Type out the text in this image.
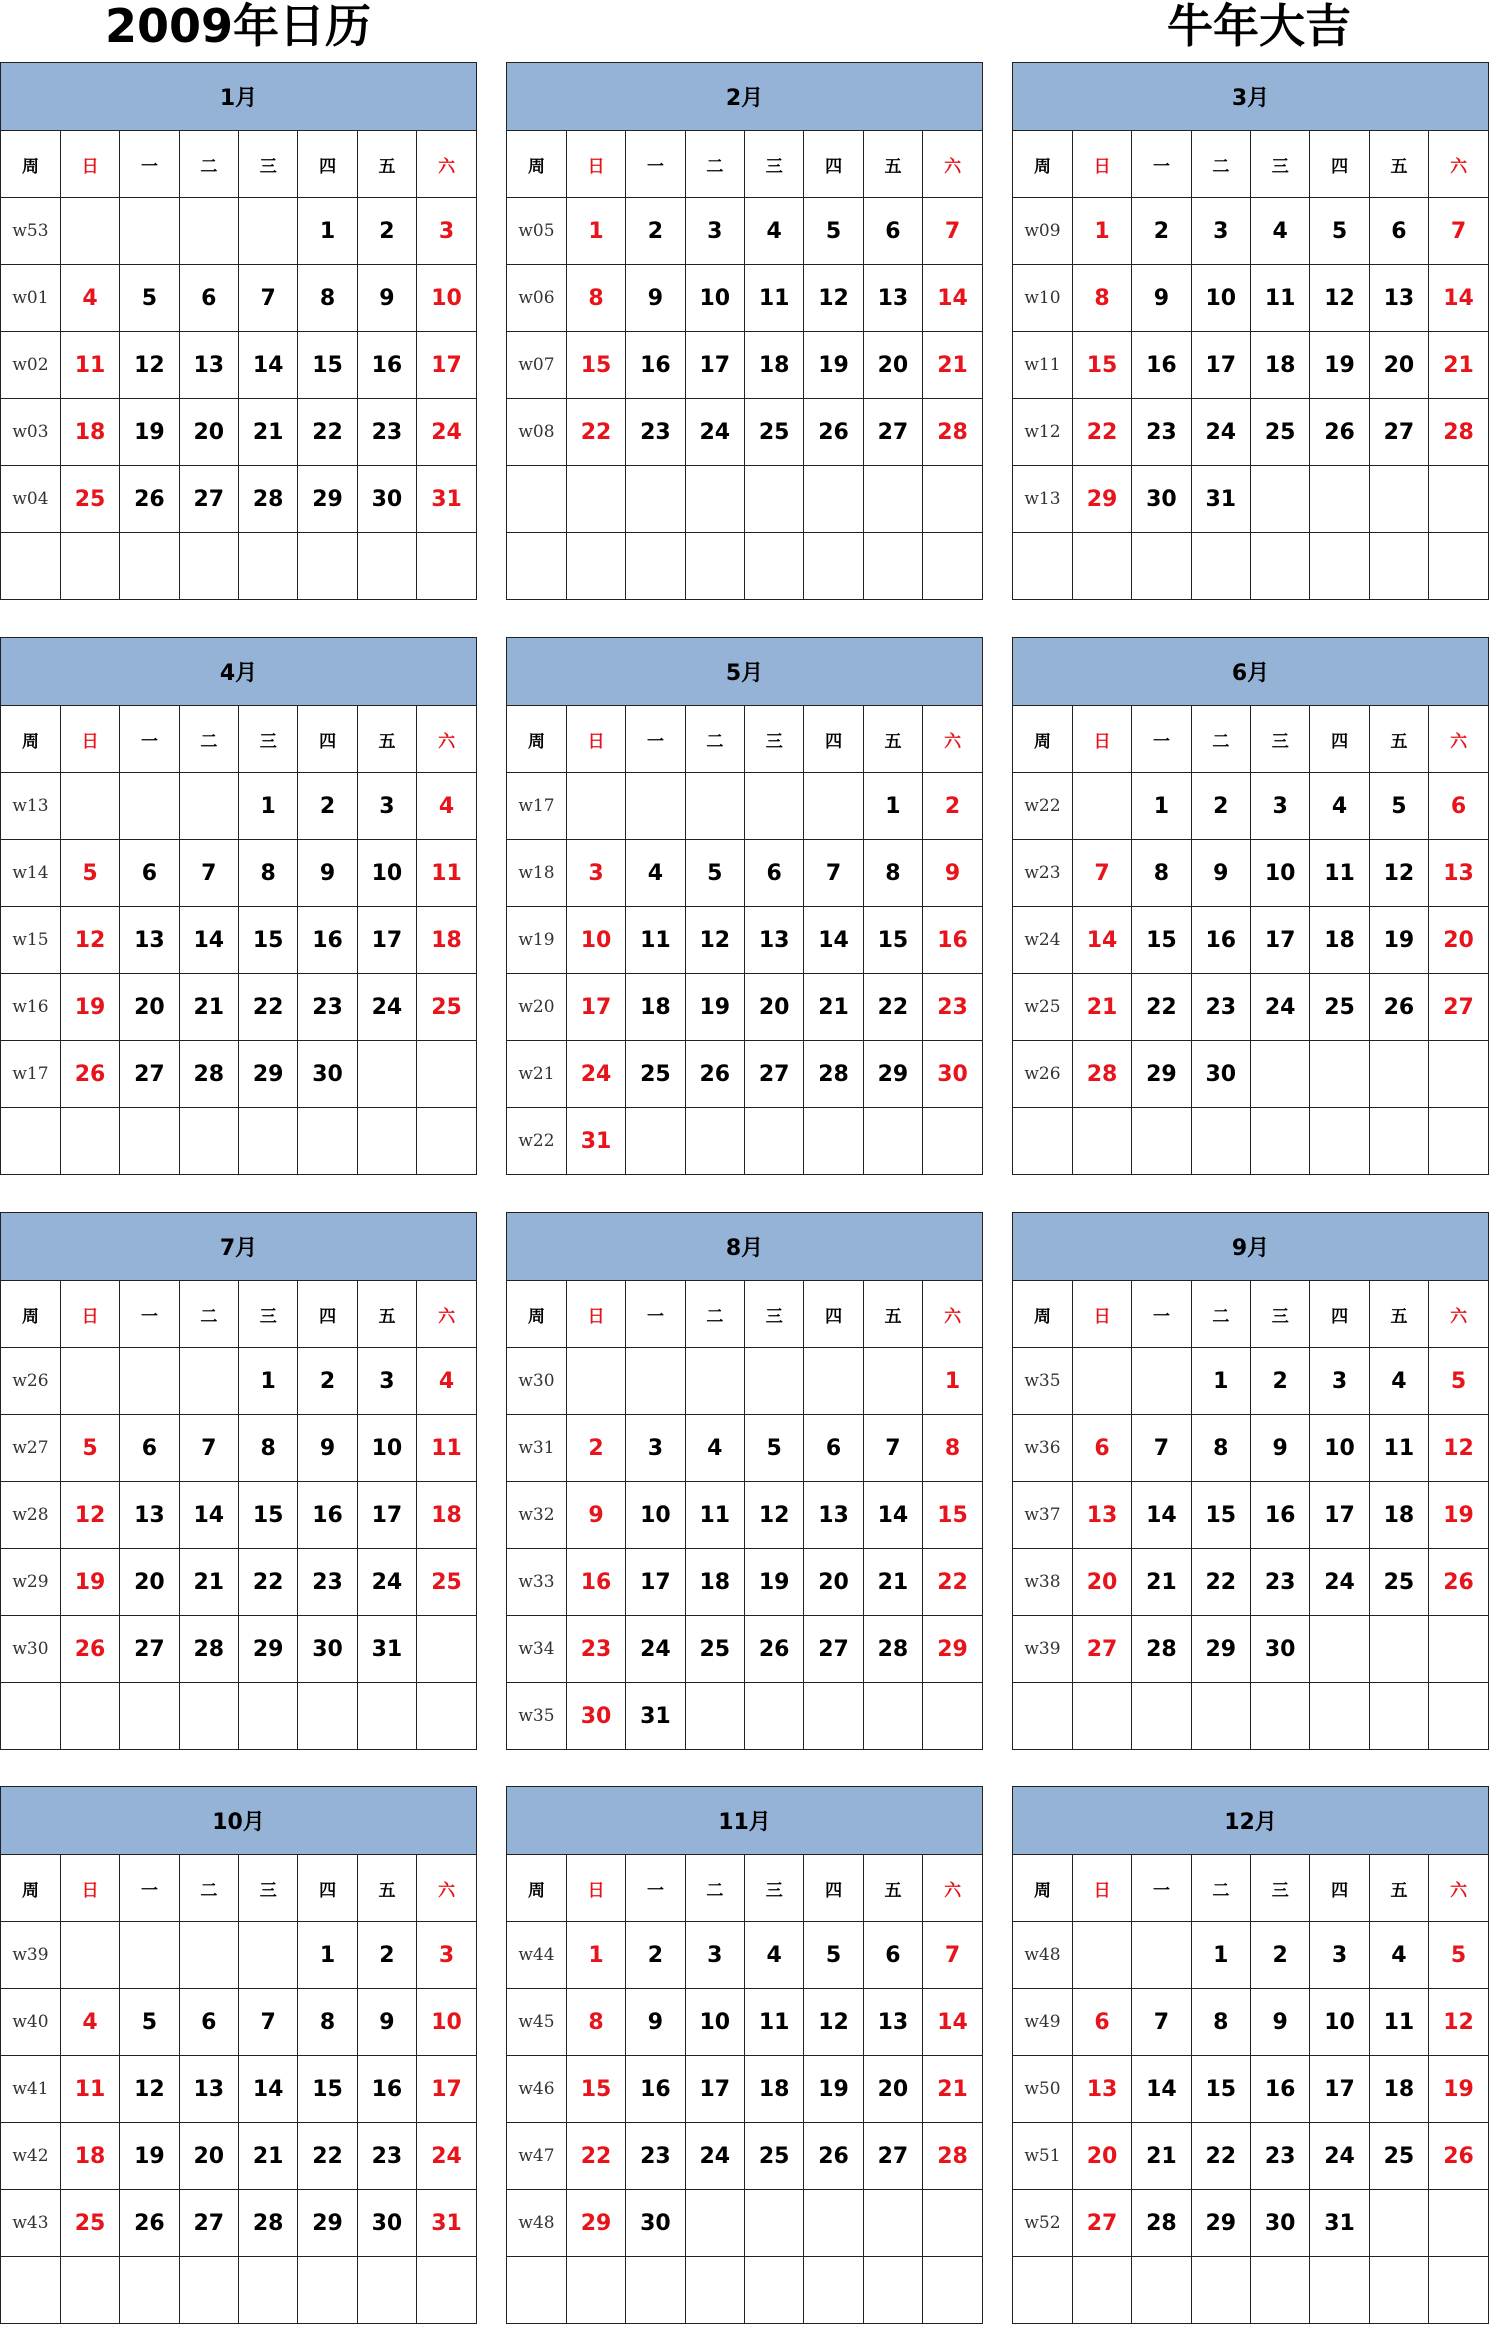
2009年日历	牛年大吉
1月
周	日	一	二	三	四	五	六
w53					1	2	3
w01	4	5	6	7	8	9	10
w02	11	12	13	14	15	16	17
w03	18	19	20	21	22	23	24
w04	25	26	27	28	29	30	31

2月
周	日	一	二	三	四	五	六
w05	1	2	3	4	5	6	7
w06	8	9	10	11	12	13	14
w07	15	16	17	18	19	20	21
w08	22	23	24	25	26	27	28

3月
周	日	一	二	三	四	五	六
w09	1	2	3	4	5	6	7
w10	8	9	10	11	12	13	14
w11	15	16	17	18	19	20	21
w12	22	23	24	25	26	27	28
w13	29	30	31				

4月
周	日	一	二	三	四	五	六
w13				1	2	3	4
w14	5	6	7	8	9	10	11
w15	12	13	14	15	16	17	18
w16	19	20	21	22	23	24	25
w17	26	27	28	29	30		

5月
周	日	一	二	三	四	五	六
w17						1	2
w18	3	4	5	6	7	8	9
w19	10	11	12	13	14	15	16
w20	17	18	19	20	21	22	23
w21	24	25	26	27	28	29	30
w22	31						
6月
周	日	一	二	三	四	五	六
w22		1	2	3	4	5	6
w23	7	8	9	10	11	12	13
w24	14	15	16	17	18	19	20
w25	21	22	23	24	25	26	27
w26	28	29	30				

7月
周	日	一	二	三	四	五	六
w26				1	2	3	4
w27	5	6	7	8	9	10	11
w28	12	13	14	15	16	17	18
w29	19	20	21	22	23	24	25
w30	26	27	28	29	30	31	

8月
周	日	一	二	三	四	五	六
w30							1
w31	2	3	4	5	6	7	8
w32	9	10	11	12	13	14	15
w33	16	17	18	19	20	21	22
w34	23	24	25	26	27	28	29
w35	30	31					
9月
周	日	一	二	三	四	五	六
w35			1	2	3	4	5
w36	6	7	8	9	10	11	12
w37	13	14	15	16	17	18	19
w38	20	21	22	23	24	25	26
w39	27	28	29	30			

10月
周	日	一	二	三	四	五	六
w39					1	2	3
w40	4	5	6	7	8	9	10
w41	11	12	13	14	15	16	17
w42	18	19	20	21	22	23	24
w43	25	26	27	28	29	30	31

11月
周	日	一	二	三	四	五	六
w44	1	2	3	4	5	6	7
w45	8	9	10	11	12	13	14
w46	15	16	17	18	19	20	21
w47	22	23	24	25	26	27	28
w48	29	30					

12月
周	日	一	二	三	四	五	六
w48			1	2	3	4	5
w49	6	7	8	9	10	11	12
w50	13	14	15	16	17	18	19
w51	20	21	22	23	24	25	26
w52	27	28	29	30	31		
